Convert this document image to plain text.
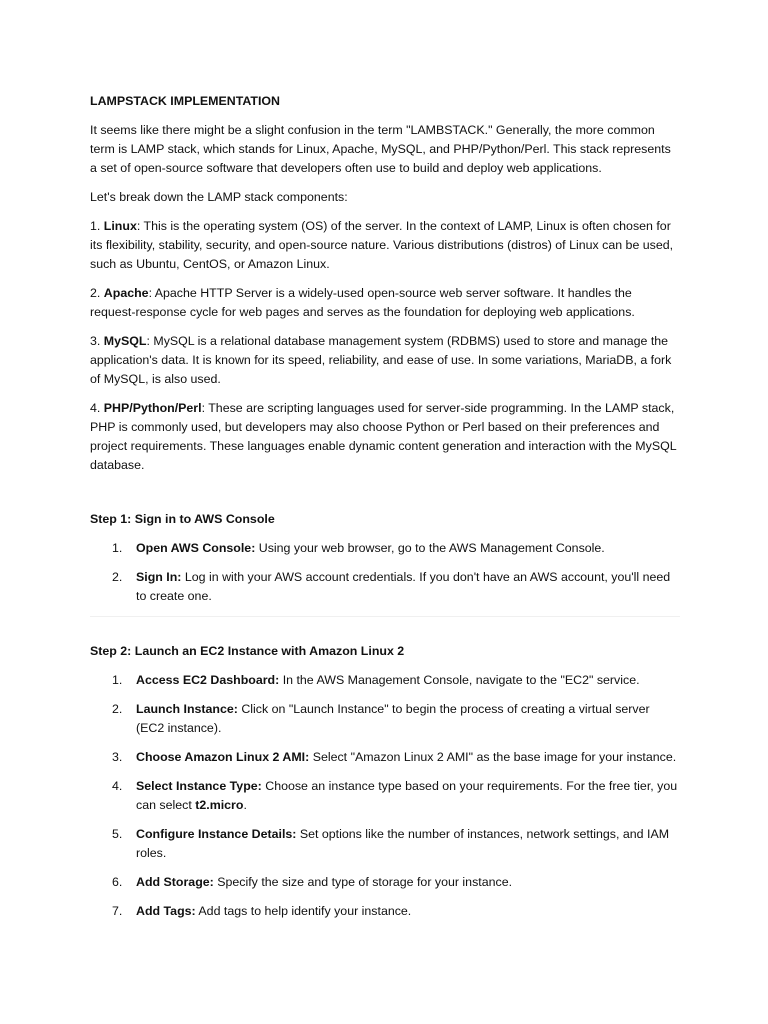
LAMPSTACK IMPLEMENTATION

It seems like there might be a slight confusion in the term "LAMBSTACK." Generally, the more common term is LAMP stack, which stands for Linux, Apache, MySQL, and PHP/Python/Perl. This stack represents a set of open-source software that developers often use to build and deploy web applications.

Let's break down the LAMP stack components:

1. Linux: This is the operating system (OS) of the server. In the context of LAMP, Linux is often chosen for its flexibility, stability, security, and open-source nature. Various distributions (distros) of Linux can be used, such as Ubuntu, CentOS, or Amazon Linux.

2. Apache: Apache HTTP Server is a widely-used open-source web server software. It handles the request-response cycle for web pages and serves as the foundation for deploying web applications.

3. MySQL: MySQL is a relational database management system (RDBMS) used to store and manage the application's data. It is known for its speed, reliability, and ease of use. In some variations, MariaDB, a fork of MySQL, is also used.

4. PHP/Python/Perl: These are scripting languages used for server-side programming. In the LAMP stack, PHP is commonly used, but developers may also choose Python or Perl based on their preferences and project requirements. These languages enable dynamic content generation and interaction with the MySQL database.

Step 1: Sign in to AWS Console
1. Open AWS Console: Using your web browser, go to the AWS Management Console.
2. Sign In: Log in with your AWS account credentials. If you don't have an AWS account, you'll need to create one.
Step 2: Launch an EC2 Instance with Amazon Linux 2
1. Access EC2 Dashboard: In the AWS Management Console, navigate to the "EC2" service.
2. Launch Instance: Click on "Launch Instance" to begin the process of creating a virtual server (EC2 instance).
3. Choose Amazon Linux 2 AMI: Select "Amazon Linux 2 AMI" as the base image for your instance.
4. Select Instance Type: Choose an instance type based on your requirements. For the free tier, you can select t2.micro.
5. Configure Instance Details: Set options like the number of instances, network settings, and IAM roles.
6. Add Storage: Specify the size and type of storage for your instance.
7. Add Tags: Add tags to help identify your instance.
